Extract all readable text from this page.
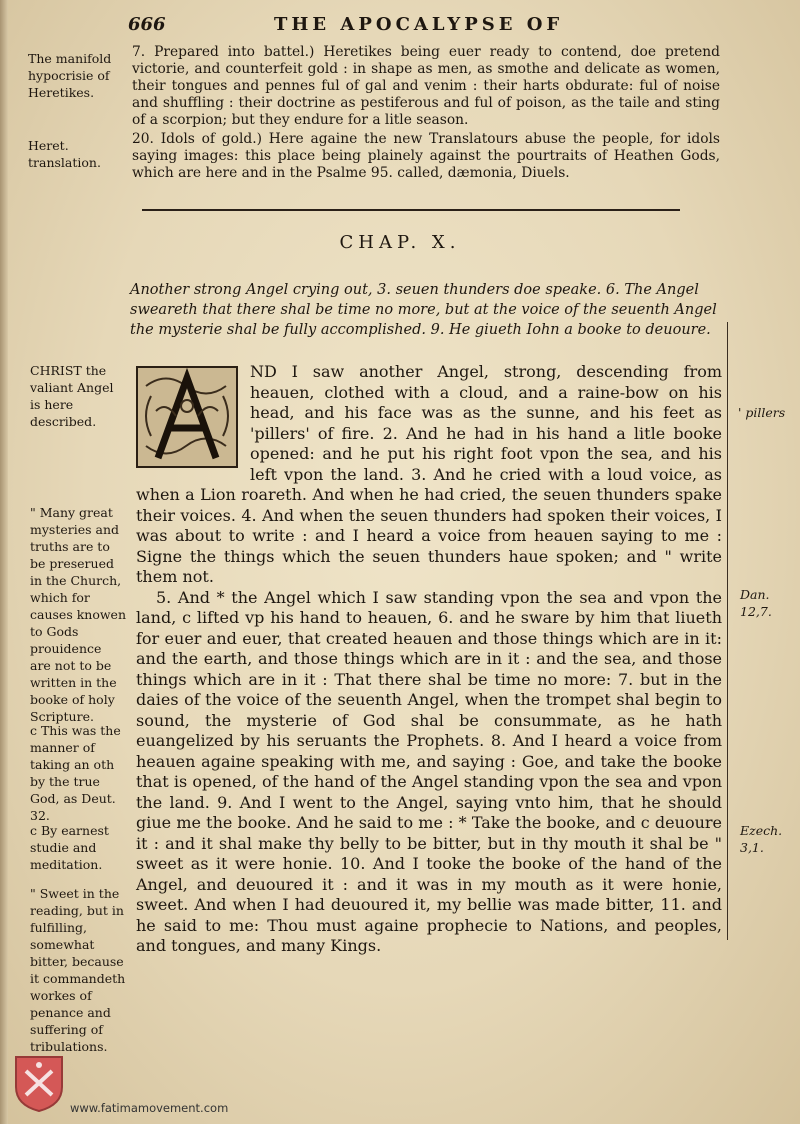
666	THE APOCALYPSE OF

The manifold hypocrisie of Heretikes.

7. Prepared into battel.) Heretikes being euer ready to contend, doe pretend victorie, and counterfeit gold : in shape as men, as smothe and delicate as women, their tongues and pennes ful of gal and venim : their harts obdurate: ful of noise and shuffling : their doctrine as pestiferous and ful of poison, as the taile and sting of a scorpion; but they endure for a litle season.

Heret. translation.

20. Idols of gold.) Here againe the new Translatours abuse the people, for idols saying images: this place being plainely against the pourtraits of Heathen Gods, which are here and in the Psalme 95. called, dæmonia, Diuels.

CHAP. X.

Another strong Angel crying out, 3. seuen thunders doe speake. 6. The Angel sweareth that there shal be time no more, but at the voice of the seuenth Angel the mysterie shal be fully accomplished. 9. He giueth Iohn a booke to deuoure.

CHRIST the valiant Angel is here described.

" Many great mysteries and truths are to be preserued in the Church, which for causes knowen to Gods prouidence are not to be written in the booke of holy Scripture.

c This was the manner of taking an oth by the true God, as Deut. 32.

c By earnest studie and meditation.

" Sweet in the reading, but in fulfilling, somewhat bitter, because it commandeth workes of penance and suffering of tribulations.

' pillers
Dan. 12,7.
Ezech. 3,1.

ND I saw another Angel, strong, descending from heauen, clothed with a cloud, and a raine-bow on his head, and his face was as the sunne, and his feet as 'pillers' of fire. 2. And he had in his hand a litle booke opened: and he put his right foot vpon the sea, and his left vpon the land. 3. And he cried with a loud voice, as when a Lion roareth. And when he had cried, the seuen thunders spake their voices. 4. And when the seuen thunders had spoken their voices, I was about to write : and I heard a voice from heauen saying to me : Signe the things which the seuen thunders haue spoken; and " write them not.

5. And * the Angel which I saw standing vpon the sea and vpon the land, c lifted vp his hand to heauen, 6. and he sware by him that liueth for euer and euer, that created heauen and those things which are in it: and the earth, and those things which are in it : and the sea, and those things which are in it : That there shal be time no more: 7. but in the daies of the voice of the seuenth Angel, when the trompet shal begin to sound, the mysterie of God shal be consummate, as he hath euangelized by his seruants the Prophets. 8. And I heard a voice from heauen againe speaking with me, and saying : Goe, and take the booke that is opened, of the hand of the Angel standing vpon the sea and vpon the land. 9. And I went to the Angel, saying vnto him, that he should giue me the booke. And he said to me : * Take the booke, and c deuoure it : and it shal make thy belly to be bitter, but in thy mouth it shal be " sweet as it were honie. 10. And I tooke the booke of the hand of the Angel, and deuoured it : and it was in my mouth as it were honie, sweet. And when I had deuoured it, my bellie was made bitter, 11. and he said to me: Thou must againe prophecie to Nations, and peoples, and tongues, and many Kings.

www.fatimamovement.com
